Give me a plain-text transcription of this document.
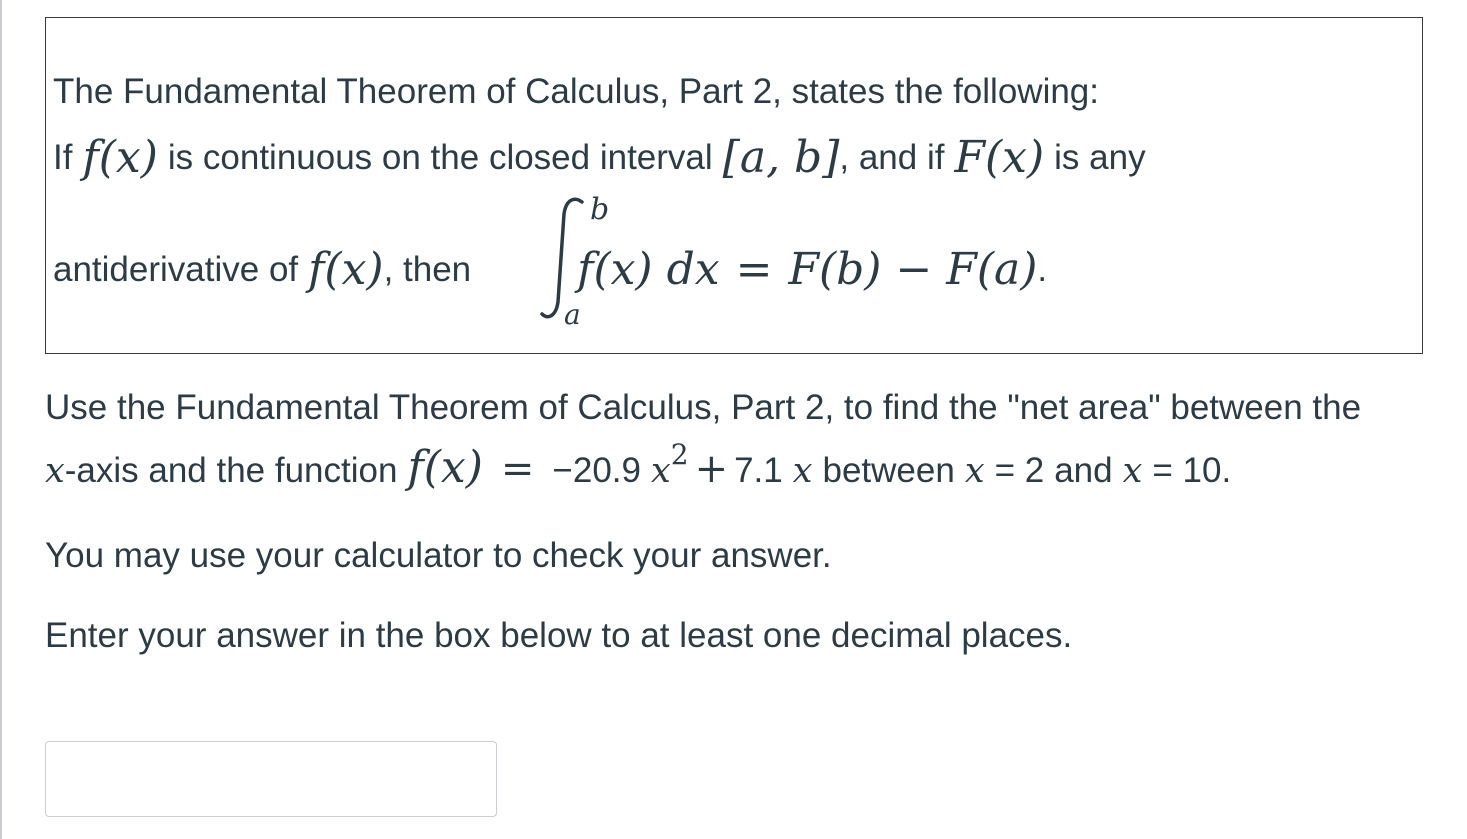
The Fundamental Theorem of Calculus, Part 2, states the following:
If f(x) is continuous on the closed interval [a, b] , and if F(x) is any
antiderivative of f(x) , then f(x) dx = F(b) − F(a) .
b
a
Use the Fundamental Theorem of Calculus, Part 2, to find the "net area" between the
x -axis and the function f(x) = −20.9 $x^2 + 7.1$ x between x = 2 and x = 10.
You may use your calculator to check your answer.
Enter your answer in the box below to at least one decimal places.
